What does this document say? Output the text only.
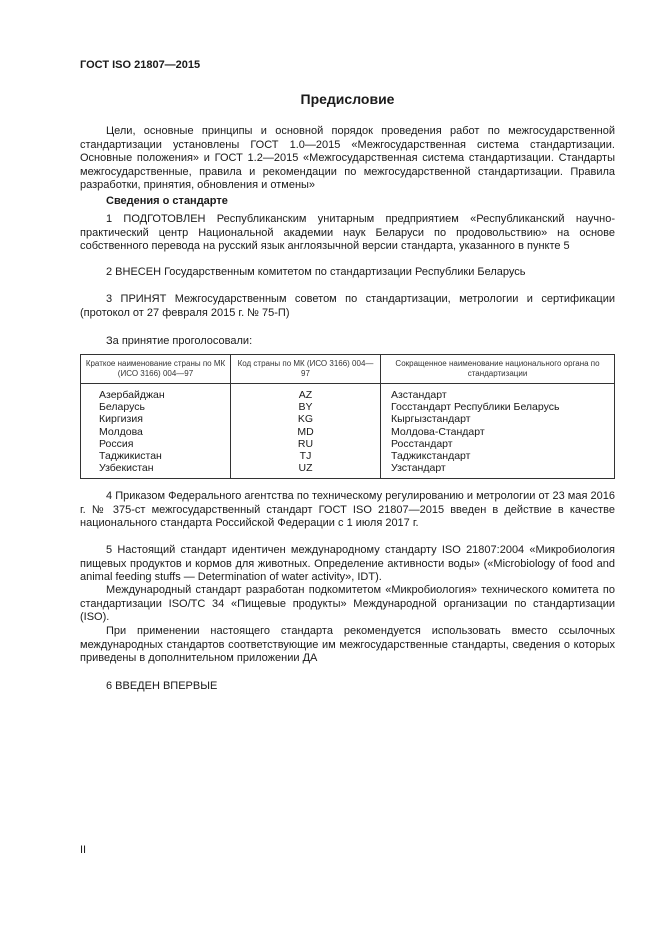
ГОСТ ISO 21807—2015
Предисловие

Цели, основные принципы и основной порядок проведения работ по межгосударственной стандартизации установлены ГОСТ 1.0—2015 «Межгосударственная система стандартизации. Основные положения» и ГОСТ 1.2—2015 «Межгосударственная система стандартизации. Стандарты межгосударственные, правила и рекомендации по межгосударственной стандартизации. Правила разработки, принятия, обновления и отмены»

Сведения о стандарте

1 ПОДГОТОВЛЕН Республиканским унитарным предприятием «Республиканский научно-практический центр Национальной академии наук Беларуси по продовольствию» на основе собственного перевода на русский язык англоязычной версии стандарта, указанного в пункте 5

2 ВНЕСЕН Государственным комитетом по стандартизации Республики Беларусь

3 ПРИНЯТ Межгосударственным советом по стандартизации, метрологии и сертификации (протокол от 27 февраля 2015 г. № 75-П)

За принятие проголосовали:

Краткое наименование страны по МК (ИСО 3166) 004—97	Код страны по МК (ИСО 3166) 004—97	Сокращенное наименование национального органа по стандартизации
Азербайджан	AZ	Азстандарт
Беларусь	BY	Госстандарт Республики Беларусь
Киргизия	KG	Кыргызстандарт
Молдова	MD	Молдова-Стандарт
Россия	RU	Росстандарт
Таджикистан	TJ	Таджикстандарт
Узбекистан	UZ	Узстандарт

4 Приказом Федерального агентства по техническому регулированию и метрологии от 23 мая 2016 г. № 375-ст межгосударственный стандарт ГОСТ ISO 21807—2015 введен в действие в качестве национального стандарта Российской Федерации с 1 июля 2017 г.

5 Настоящий стандарт идентичен международному стандарту ISO 21807:2004 «Микробиология пищевых продуктов и кормов для животных. Определение активности воды» («Microbiology of food and animal feeding stuffs — Determination of water activity», IDT).

Международный стандарт разработан подкомитетом «Микробиология» технического комитета по стандартизации ISO/TC 34 «Пищевые продукты» Международной организации по стандартизации (ISO).

При применении настоящего стандарта рекомендуется использовать вместо ссылочных международных стандартов соответствующие им межгосударственные стандарты, сведения о которых приведены в дополнительном приложении ДА

6 ВВЕДЕН ВПЕРВЫЕ

II
